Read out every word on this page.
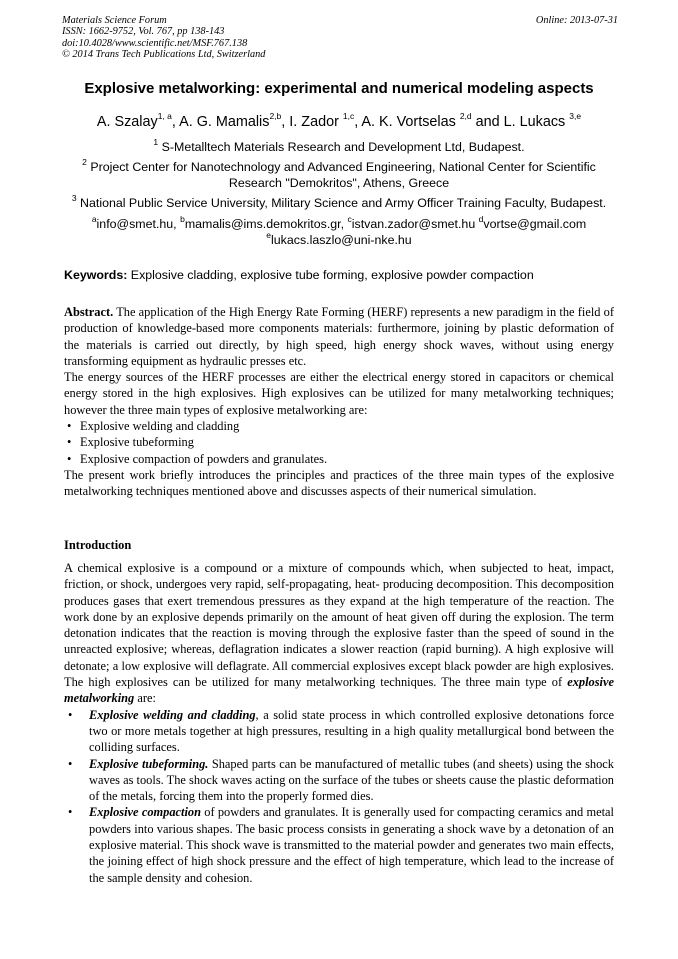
Materials Science Forum
ISSN: 1662-9752, Vol. 767, pp 138-143
doi:10.4028/www.scientific.net/MSF.767.138
© 2014 Trans Tech Publications Ltd, Switzerland
Online: 2013-07-31
Explosive metalworking: experimental and numerical modeling aspects
A. Szalay$^{1, a}$, A. G. Mamalis$^{2,b}$, I. Zador $^{1,c}$, A. K. Vortselas $^{2,d}$ and L. Lukacs $^{3,e}$
$^1$ S-Metalltech Materials Research and Development Ltd, Budapest.
$^2$ Project Center for Nanotechnology and Advanced Engineering, National Center for Scientific Research "Demokritos", Athens, Greece
$^3$ National Public Service University, Military Science and Army Officer Training Faculty, Budapest.
$^a$info@smet.hu, $^b$mamalis@ims.demokritos.gr, $^c$istvan.zador@smet.hu $^d$vortse@gmail.com
$^e$lukacs.laszlo@uni-nke.hu
Keywords: Explosive cladding, explosive tube forming, explosive powder compaction

Abstract. The application of the High Energy Rate Forming (HERF) represents a new paradigm in the field of production of knowledge-based more components materials: furthermore, joining by plastic deformation of the materials is carried out directly, by high speed, high energy shock waves, without using energy transforming equipment as hydraulic presses etc.

The energy sources of the HERF processes are either the electrical energy stored in capacitors or chemical energy stored in the high explosives. High explosives can be utilized for many metalworking techniques; however the three main types of explosive metalworking are:

• Explosive welding and cladding
• Explosive tubeforming
• Explosive compaction of powders and granulates.

The present work briefly introduces the principles and practices of the three main types of the explosive metalworking techniques mentioned above and discusses aspects of their numerical simulation.

Introduction

A chemical explosive is a compound or a mixture of compounds which, when subjected to heat, impact, friction, or shock, undergoes very rapid, self-propagating, heat- producing decomposition. This decomposition produces gases that exert tremendous pressures as they expand at the high temperature of the reaction. The work done by an explosive depends primarily on the amount of heat given off during the explosion. The term detonation indicates that the reaction is moving through the explosive faster than the speed of sound in the unreacted explosive; whereas, deflagration indicates a slower reaction (rapid burning). A high explosive will detonate; a low explosive will deflagrate. All commercial explosives except black powder are high explosives. The high explosives can be utilized for many metalworking techniques. The three main type of explosive metalworking are:

• Explosive welding and cladding, a solid state process in which controlled explosive detonations force two or more metals together at high pressures, resulting in a high quality metallurgical bond between the colliding surfaces.
• Explosive tubeforming. Shaped parts can be manufactured of metallic tubes (and sheets) using the shock waves as tools. The shock waves acting on the surface of the tubes or sheets cause the plastic deformation of the metals, forcing them into the properly formed dies.
• Explosive compaction of powders and granulates. It is generally used for compacting ceramics and metal powders into various shapes. The basic process consists in generating a shock wave by a detonation of an explosive material. This shock wave is transmitted to the material powder and generates two main effects, the joining effect of high shock pressure and the effect of high temperature, which lead to the increase of the sample density and cohesion.
